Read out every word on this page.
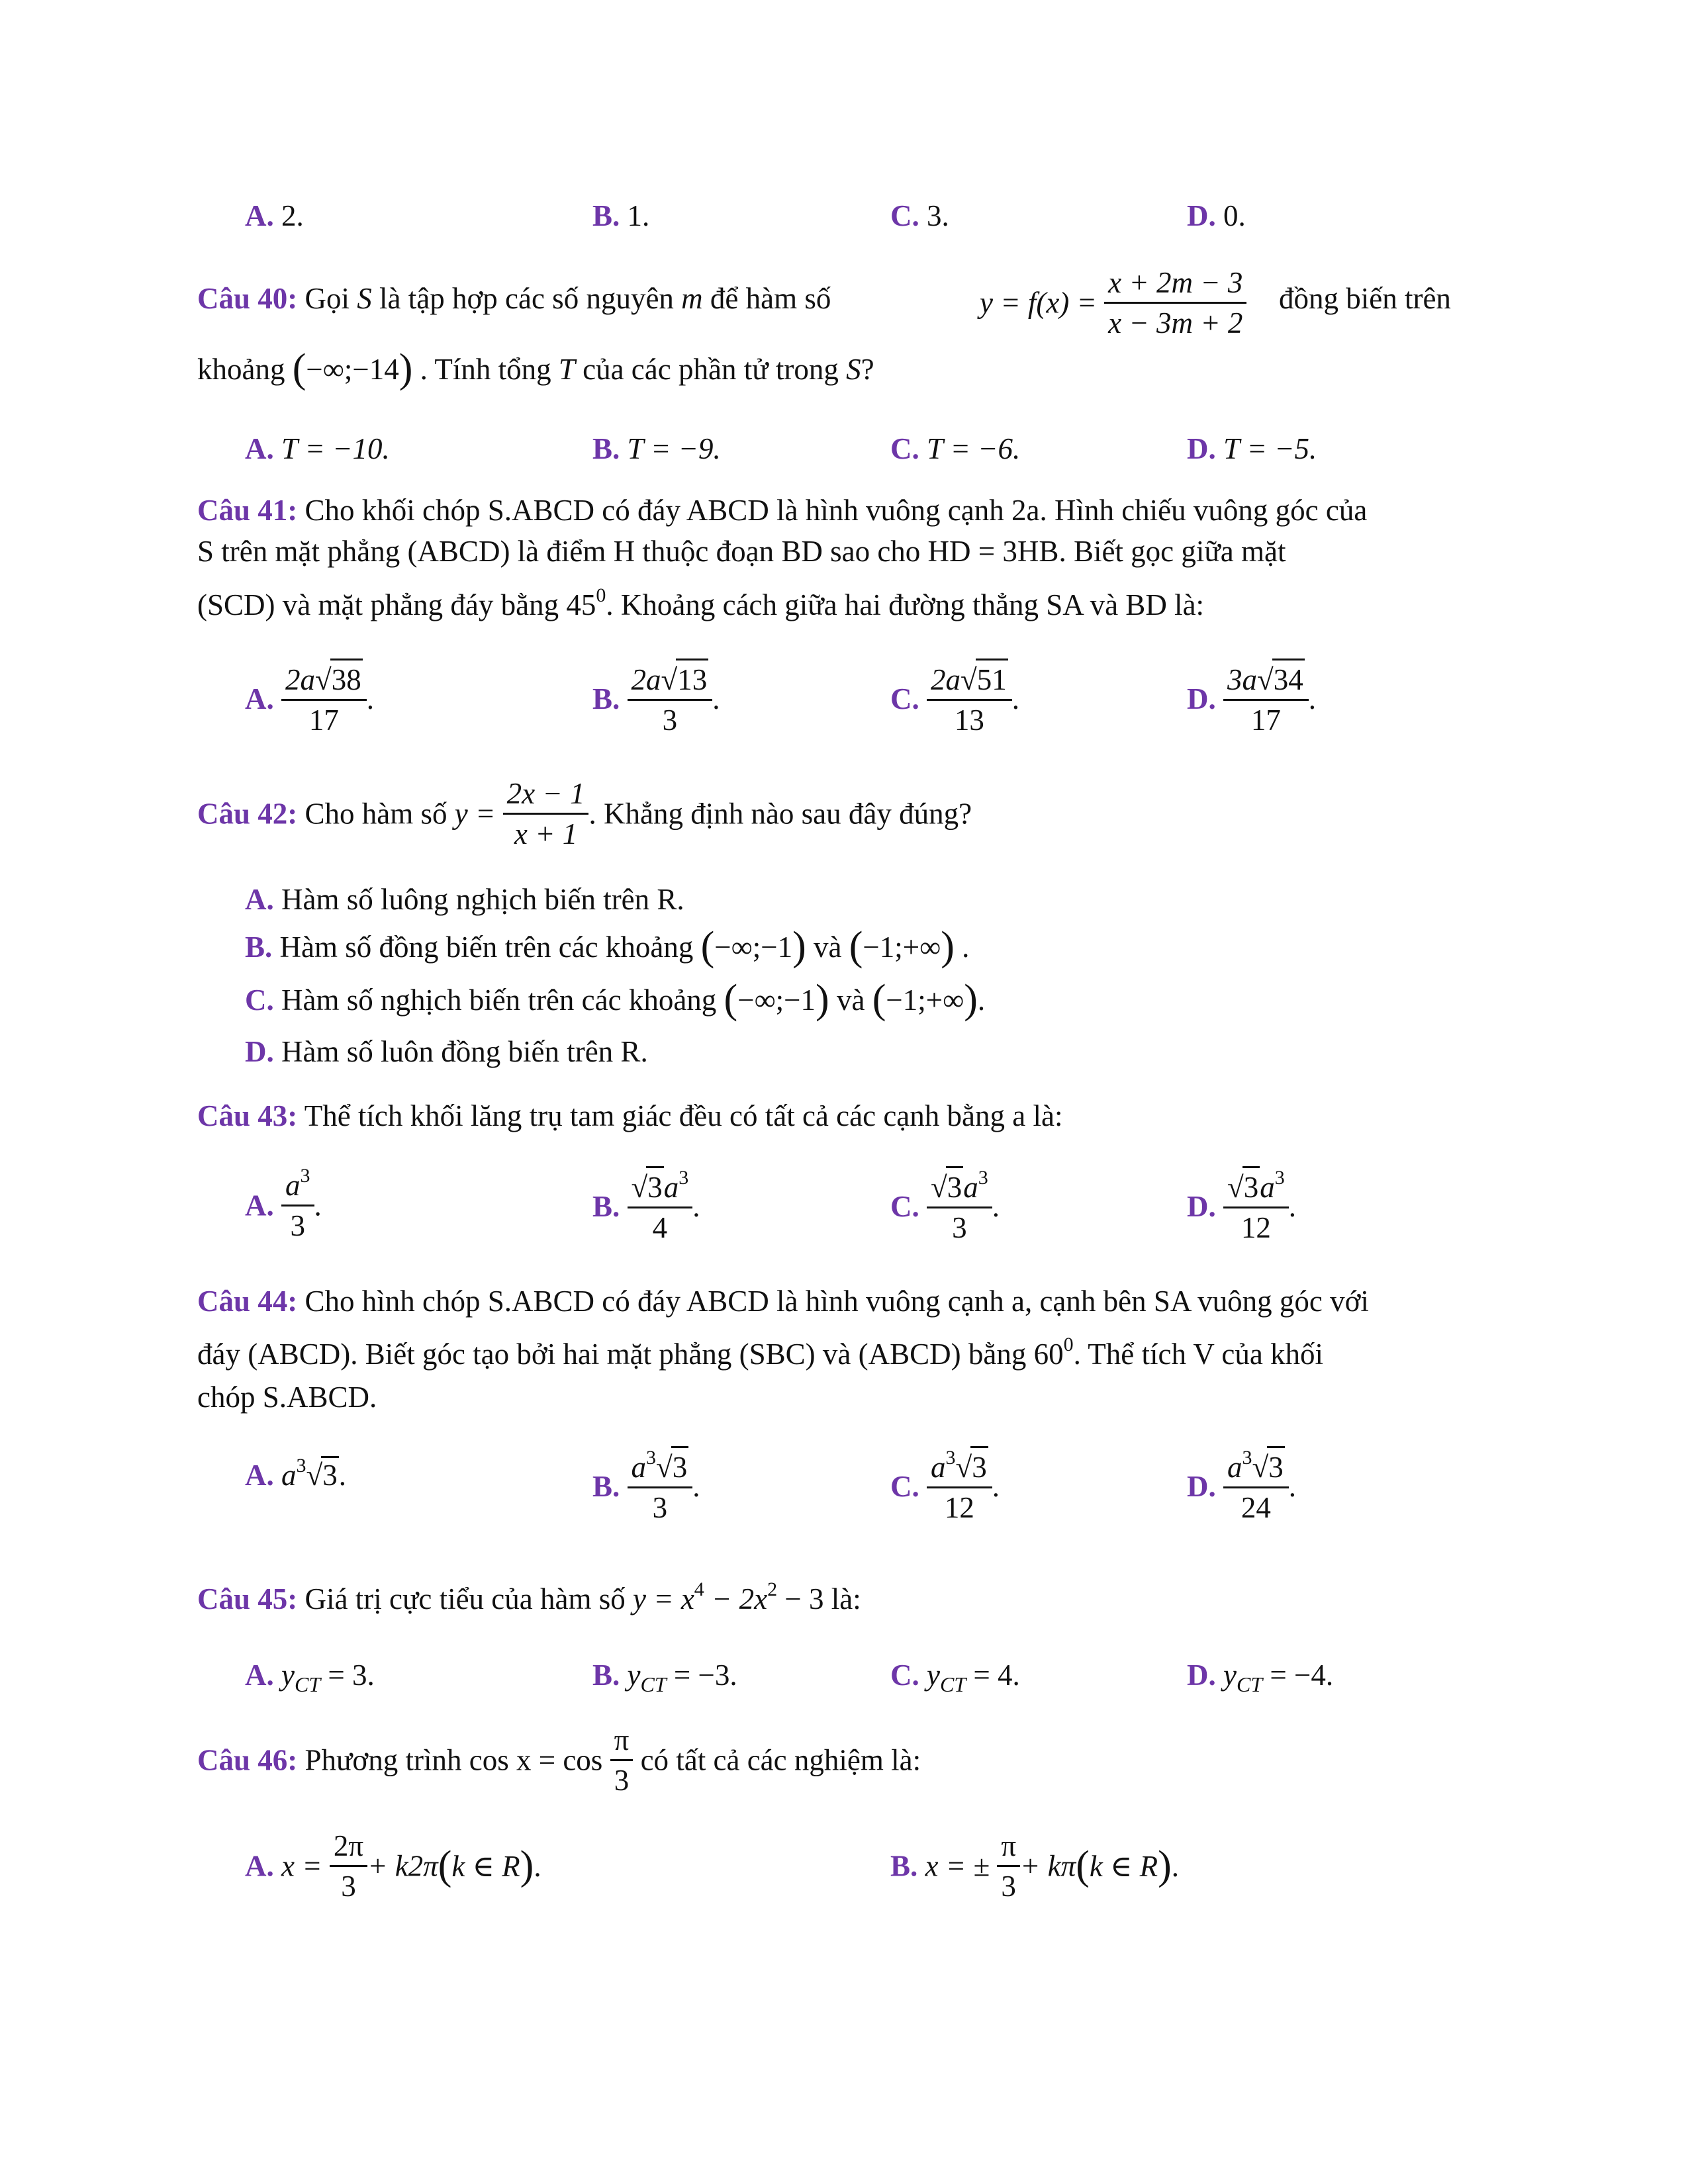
A. 2.	B. 1.	C. 3.	D. 0.
Câu 40: Gọi S là tập hợp các số nguyên m để hàm số	$y = f(x) = \frac{x + 2m - 3}{x - 3m + 2}$ đồng biến trên
khoảng (−∞;−14) . Tính tổng T của các phần tử trong S?
A. T = −10.	B. T = −9.	C. T = −6.	D. T = −5.
Câu 41: Cho khối chóp S.ABCD có đáy ABCD là hình vuông cạnh 2a. Hình chiếu vuông góc của
S trên mặt phẳng (ABCD) là điểm H thuộc đoạn BD sao cho HD = 3HB. Biết gọc giữa mặt
(SCD) và mặt phẳng đáy bằng $45^0$. Khoảng cách giữa hai đường thẳng SA và BD là:
A. $\frac{2a√38}{17}$ .	B. $\frac{2a√13}{3}$ .	C. $\frac{2a√51}{13}$ .	D. $\frac{3a√34}{17}$ .
Câu 42: Cho hàm số $y = \frac{2x - 1}{x + 1}$ . Khẳng định nào sau đây đúng?
A. Hàm số luông nghịch biến trên R.
B. Hàm số đồng biến trên các khoảng (−∞;−1) và (−1;+∞) .
C. Hàm số nghịch biến trên các khoảng (−∞;−1) và (−1;+∞).
D. Hàm số luôn đồng biến trên R.
Câu 43: Thể tích khối lăng trụ tam giác đều có tất cả các cạnh bằng a là:
A. $\frac{a^3}{3}$ .	B. $\frac{√3a^3}{4}$ .	C. $\frac{√3a^3}{3}$ .	D. $\frac{√3a^3}{12}$ .
Câu 44: Cho hình chóp S.ABCD có đáy ABCD là hình vuông cạnh a, cạnh bên SA vuông góc với
đáy (ABCD). Biết góc tạo bởi hai mặt phẳng (SBC) và (ABCD) bằng $60^0$. Thể tích V của khối
chóp S.ABCD.
A. $a^3√3$.	B. $\frac{a^3√3}{3}$ .	C. $\frac{a^3√3}{12}$ .	D. $\frac{a^3√3}{24}$ .
Câu 45: Giá trị cực tiểu của hàm số $y = x^4 - 2x^2 - 3$ là:
A. $y_{CT} = 3$.	B. $y_{CT} = -3$.	C. $y_{CT} = 4$.	D. $y_{CT} = -4$.
Câu 46: Phương trình $\cos x = \cos \frac{\pi}{3}$ có tất cả các nghiệm là:
A. $x = \frac{2\pi}{3} + k2\pi(k$ ∈ R).	B. x = ± $\frac{\pi}{3} + k\pi(k$ ∈ R).
